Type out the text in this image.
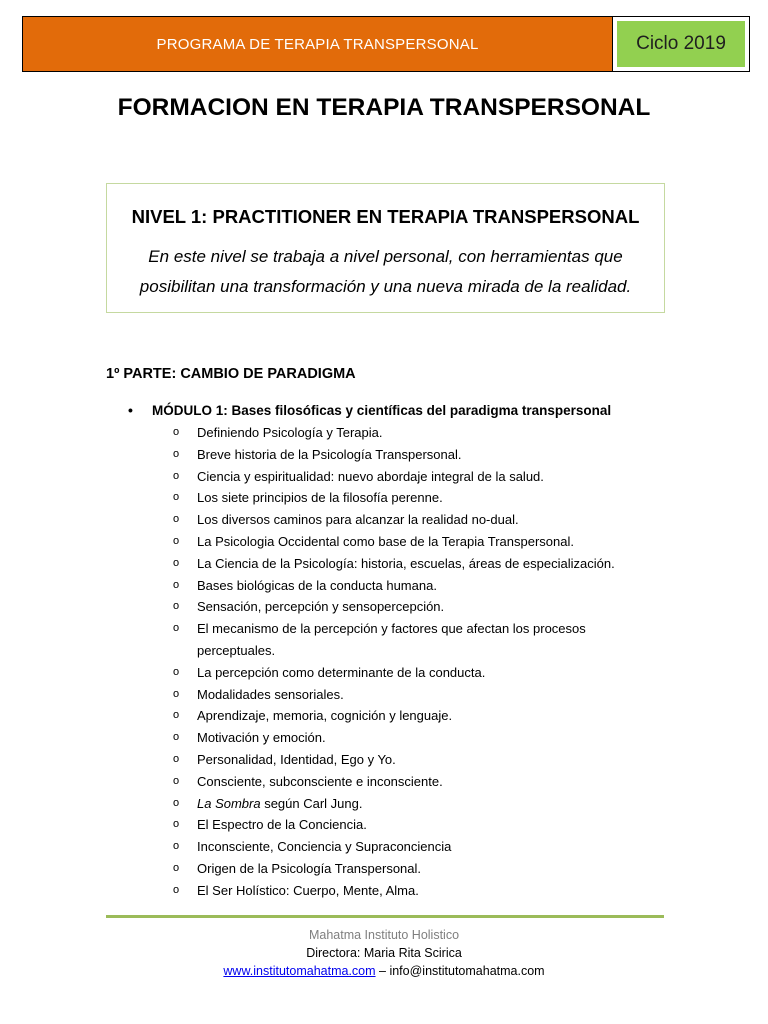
PROGRAMA DE TERAPIA TRANSPERSONAL	Ciclo 2019
FORMACION EN TERAPIA TRANSPERSONAL

NIVEL 1: PRACTITIONER EN TERAPIA TRANSPERSONAL

En este nivel se trabaja a nivel personal, con herramientas que
posibilitan una transformación y una nueva mirada de la realidad.

1º PARTE: CAMBIO DE PARADIGMA

•	MÓDULO 1: Bases filosóficas y científicas del paradigma transpersonal
o	Definiendo Psicología y Terapia.
o	Breve historia de la Psicología Transpersonal.
o	Ciencia y espiritualidad: nuevo abordaje integral de la salud.
o	Los siete principios de la filosofía perenne.
o	Los diversos caminos para alcanzar la realidad no-dual.
o	La Psicologia Occidental como base de la Terapia Transpersonal.
o	La Ciencia de la Psicología: historia, escuelas, áreas de especialización.
o	Bases biológicas de la conducta humana.
o	Sensación, percepción y sensopercepción.
o	El mecanismo de la percepción y factores que afectan los procesos perceptuales.
o	La percepción como determinante de la conducta.
o	Modalidades sensoriales.
o	Aprendizaje, memoria, cognición y lenguaje.
o	Motivación y emoción.
o	Personalidad, Identidad, Ego y Yo.
o	Consciente, subconsciente e inconsciente.
o	La Sombra según Carl Jung.
o	El Espectro de la Conciencia.
o	Inconsciente, Conciencia y Supraconciencia
o	Origen de la Psicología Transpersonal.
o	El Ser Holístico: Cuerpo, Mente, Alma.
Mahatma Instituto Holistico
Directora: Maria Rita Scirica
www.institutomahatma.com – info@institutomahatma.com
